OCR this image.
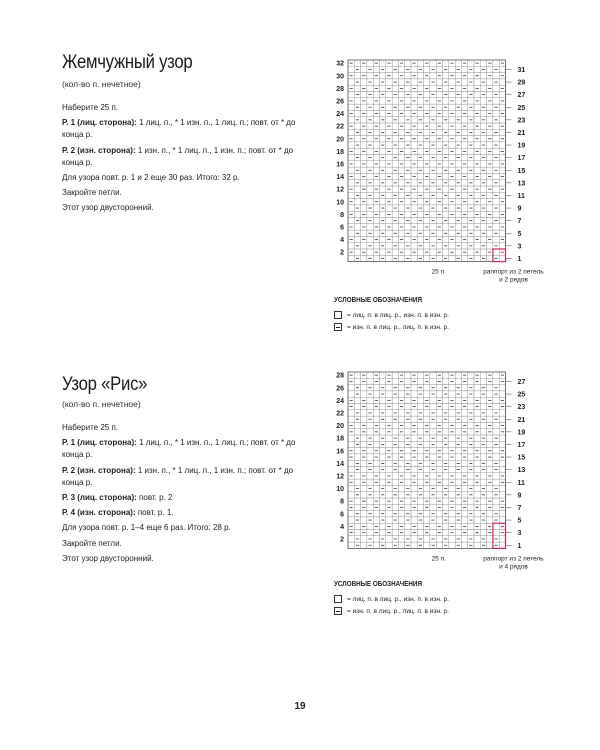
Жемчужный узор
(кол-во п. нечетное)

Наберите 25 п.

Р. 1 (лиц. сторона): 1 лиц. п., * 1 изн. п., 1 лиц. п.; повт. от * до конца р.

Р. 2 (изн. сторона): 1 изн. п., * 1 лиц. п., 1 изн. п.; повт. от * до конца р.

Для узора повт. р. 1 и 2 еще 30 раз. Итого: 32 р.

Закройте петли.

Этот узор двусторонний.

32
30
28
26
24
22
20
18
16
14
12
10
8
6
4
2
31
29
27
25
23
21
19
17
15
13
11
9
7
5
3
1
25 п.	раппорт из 2 петель
и 2 рядов
УСЛОВНЫЕ ОБОЗНАЧЕНИЯ
= лиц. п. в лиц. р., изн. п. в изн. р.
= изн. п. в лиц. р., лиц. п. в изн. р.
Узор «Рис»
(кол-во п. нечетное)

Наберите 25 п.

Р. 1 (лиц. сторона): 1 лиц. п., * 1 изн. п., 1 лиц. п.; повт. от * до конца р.

Р. 2 (изн. сторона): 1 изн. п., * 1 лиц. п., 1 изн. п.; повт. от * до конца р.

Р. 3 (лиц. сторона): повт. р. 2

Р. 4 (изн. сторона): повт. р. 1.

Для узора повт. р. 1–4 еще 6 раз. Итого: 28 р.

Закройте петли.

Этот узор двусторонний.

28
26
24
22
20
18
16
14
12
10
8
6
4
2
27
25
23
21
19
17
15
13
11
9
7
5
3
1
25 п.	раппорт из 2 петель
и 4 рядов
УСЛОВНЫЕ ОБОЗНАЧЕНИЯ
= лиц. п. в лиц. р., изн. п. в изн. р.
= изн. п. в лиц. р., лиц. п. в изн. р.
19
